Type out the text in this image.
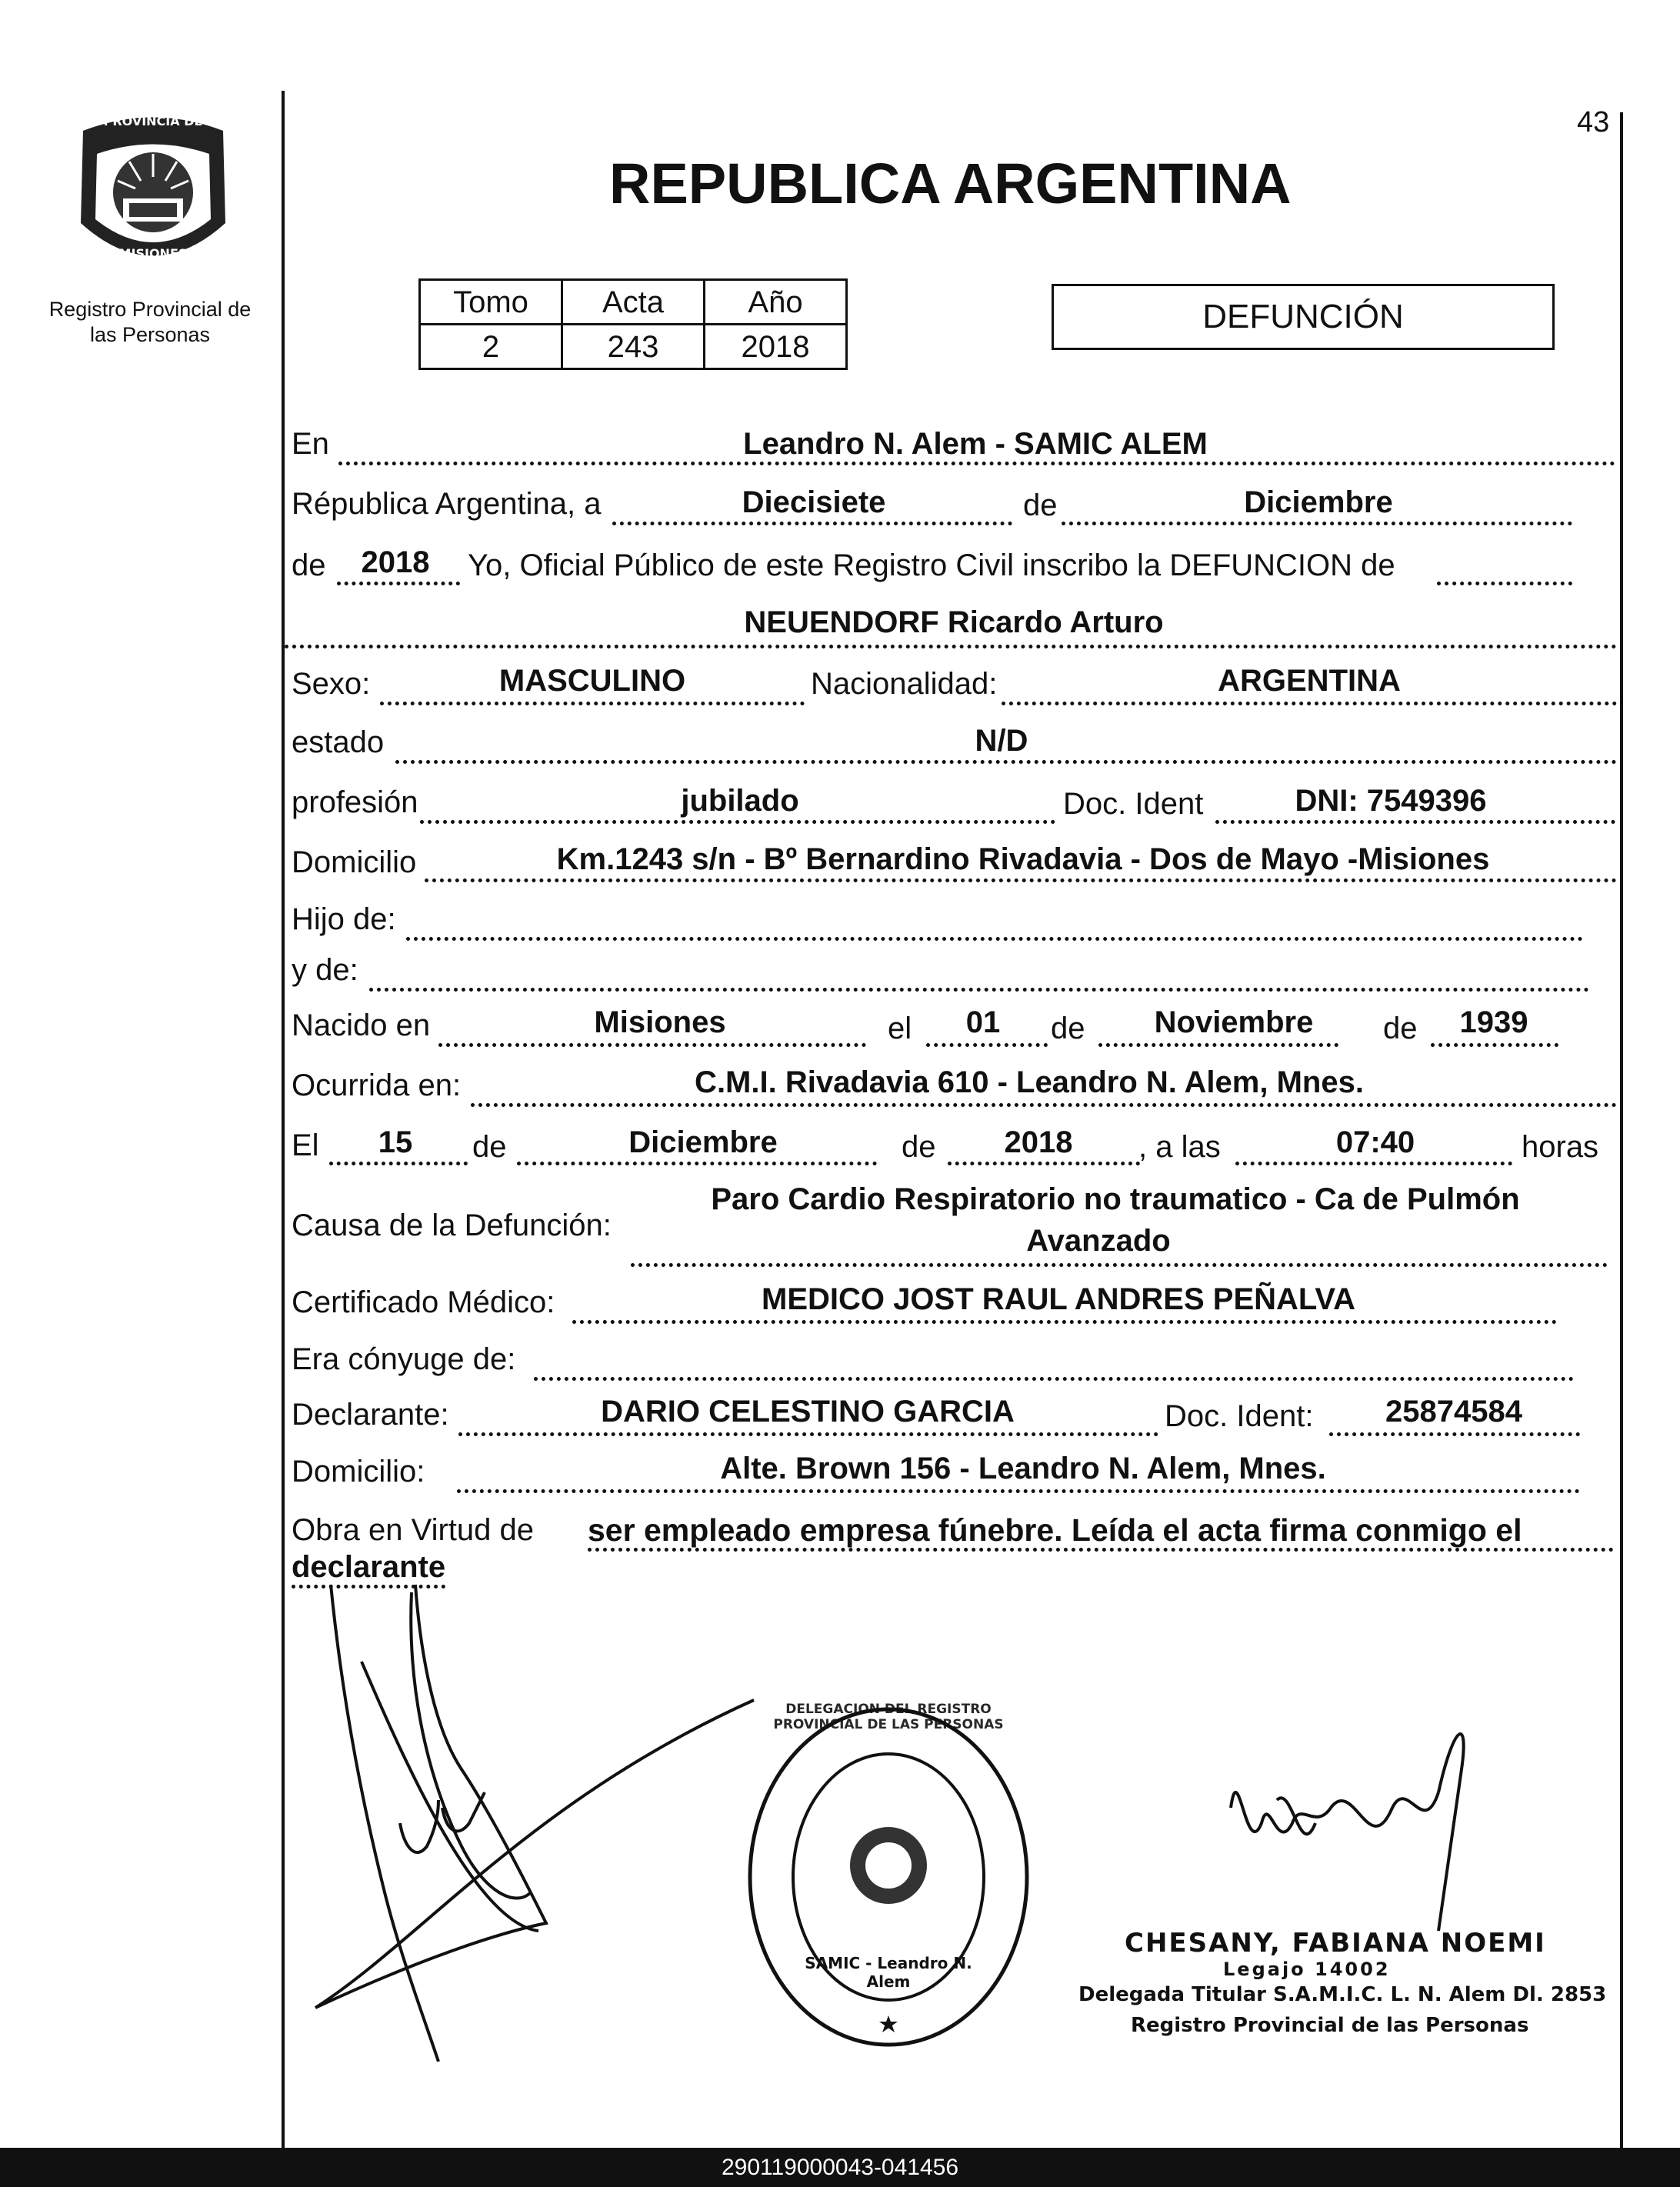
PROVINCIA DE
MISIONES
Registro Provincial de
las Personas
43
REPUBLICA ARGENTINA
Tomo	Acta	Año
2	243	2018
DEFUNCIÓN
En	Leandro N. Alem - SAMIC ALEM
Républica Argentina, a	Diecisiete	de	Diciembre
de 2018 Yo, Oficial Público de este Registro Civil inscribo la DEFUNCION de
NEUENDORF Ricardo Arturo
Sexo:	MASCULINO	Nacionalidad:	ARGENTINA
estado	N/D
profesión	jubilado	Doc. Ident	DNI: 7549396
Domicilio	Km.1243 s/n - Bº Bernardino Rivadavia - Dos de Mayo -Misiones
Hijo de:
y de:
Nacido en	Misiones	el 01 de Noviembre de 1939
Ocurrida en:	C.M.I. Rivadavia 610 - Leandro N. Alem, Mnes.
El 15 de	Diciembre	de 2018 , a las	07:40	horas
Causa de la Defunción:
Paro Cardio Respiratorio no traumatico - Ca de Pulmón
Avanzado
Certificado Médico:	MEDICO JOST RAUL ANDRES PEÑALVA
Era cónyuge de:
Declarante:	DARIO CELESTINO GARCIA	Doc. Ident: 25874584
Domicilio:	Alte. Brown 156 - Leandro N. Alem, Mnes.
Obra en Virtud de ser empleado empresa fúnebre. Leída el acta firma conmigo el
declarante
DELEGACION DEL REGISTRO PROVINCIAL DE LAS PERSONAS
SAMIC - Leandro N. Alem
CHESANY, FABIANA NOEMI
Legajo 14002
Delegada Titular S.A.M.I.C. L. N. Alem Dl. 2853
Registro Provincial de las Personas
290119000043-041456
